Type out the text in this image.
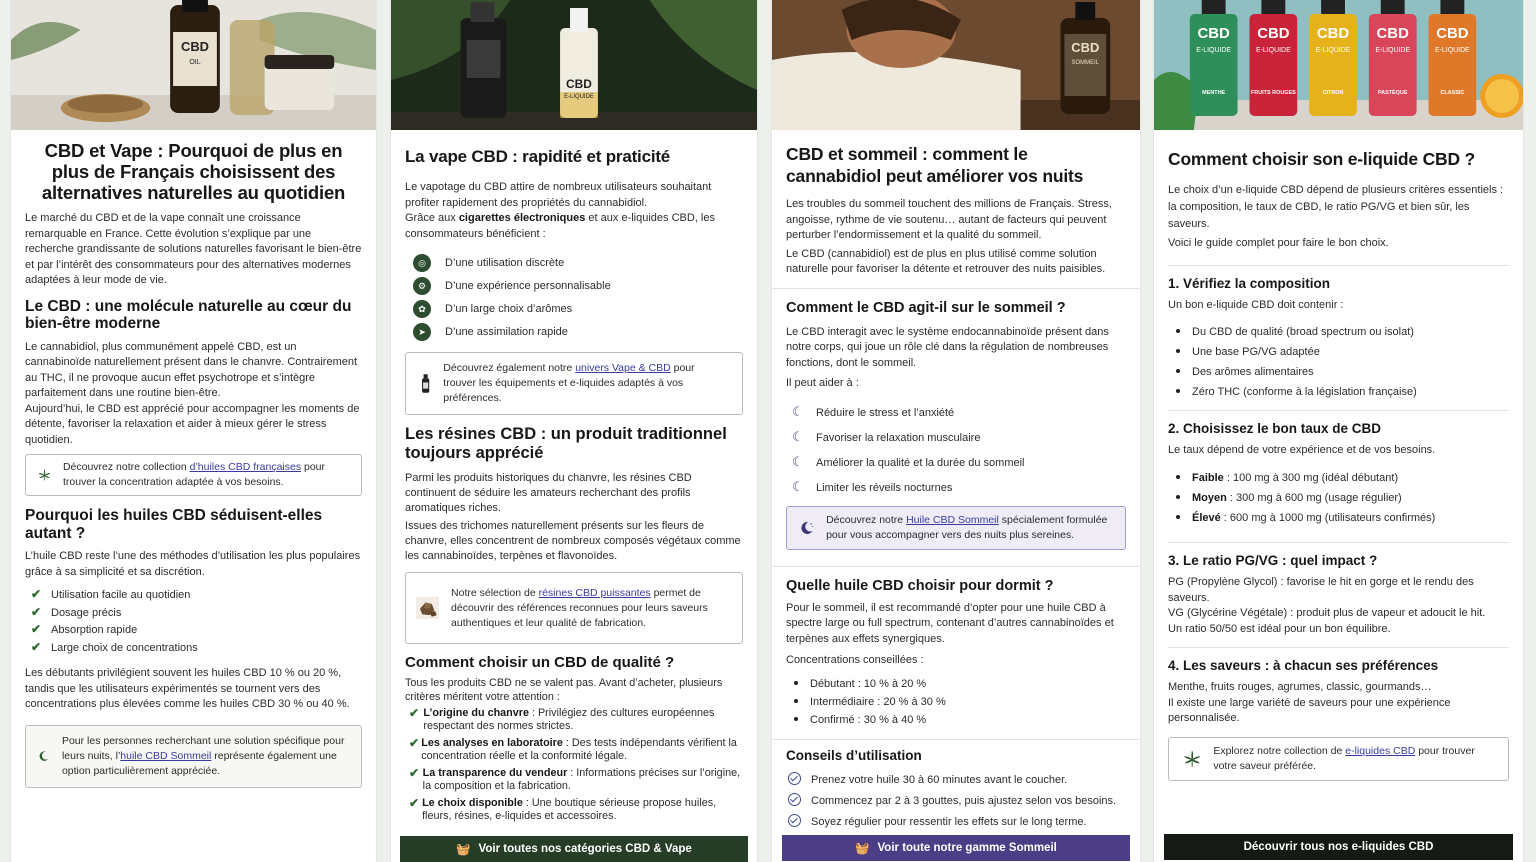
CBD
OIL
CBD et Vape : Pourquoi de plus en plus de Français choisissent des alternatives naturelles au quotidien

Le marché du CBD et de la vape connaît une croissance remarquable en France. Cette évolution s’explique par une recherche grandissante de solutions naturelles favorisant le bien-être et par l’intérêt des consommateurs pour des alternatives modernes adaptées à leur mode de vie.

Le CBD : une molécule naturelle au cœur du bien-être moderne

Le cannabidiol, plus communément appelé CBD, est un cannabinoïde naturellement présent dans le chanvre. Contrairement au THC, il ne provoque aucun effet psychotrope et s’intègre parfaitement dans une routine bien-être.

Aujourd’hui, le CBD est apprécié pour accompagner les moments de détente, favoriser la relaxation et aider à mieux gérer le stress quotidien.

Découvrez notre collection d’huiles CBD françaises pour trouver la concentration adaptée à vos besoins.
Pourquoi les huiles CBD séduisent-elles autant ?

L’huile CBD reste l’une des méthodes d’utilisation les plus populaires grâce à sa simplicité et sa discrétion.

✔ Utilisation facile au quotidien
✔ Dosage précis
✔ Absorption rapide
✔ Large choix de concentrations

Les débutants privilégient souvent les huiles CBD 10 % ou 20 %, tandis que les utilisateurs expérimentés se tournent vers des concentrations plus élevées comme les huiles CBD 30 % ou 40 %.

Pour les personnes recherchant une solution spécifique pour leurs nuits, l’huile CBD Sommeil représente également une option particulièrement appréciée.
CBD
E-LIQUIDE
La vape CBD : rapidité et praticité

Le vapotage du CBD attire de nombreux utilisateurs souhaitant profiter rapidement des propriétés du cannabidiol.

Grâce aux cigarettes électroniques et aux e-liquides CBD, les consommateurs bénéficient :

◎ D’une utilisation discrète
⚙ D’une expérience personnalisable
✿ D’un large choix d’arômes
➤ D’une assimilation rapide
Découvrez également notre univers Vape & CBD pour trouver les équipements et e-liquides adaptés à vos préférences.
Les résines CBD : un produit traditionnel toujours apprécié

Parmi les produits historiques du chanvre, les résines CBD continuent de séduire les amateurs recherchant des profils aromatiques riches.

Issues des trichomes naturellement présents sur les fleurs de chanvre, elles concentrent de nombreux composés végétaux comme les cannabinoïdes, terpènes et flavonoïdes.

Notre sélection de résines CBD puissantes permet de découvrir des références reconnues pour leurs saveurs authentiques et leur qualité de fabrication.
Comment choisir un CBD de qualité ?

Tous les produits CBD ne se valent pas. Avant d’acheter, plusieurs critères méritent votre attention :

✔ L’origine du chanvre : Privilégiez des cultures européennes respectant des normes strictes.
✔ Les analyses en laboratoire : Des tests indépendants vérifient la concentration réelle et la conformité légale.
✔ La transparence du vendeur : Informations précises sur l’origine, la composition et la fabrication.
✔ Le choix disponible : Une boutique sérieuse propose huiles, fleurs, résines, e-liquides et accessoires.
🧺 Voir toutes nos catégories CBD & Vape
CBD
SOMMEIL
CBD et sommeil : comment le cannabidiol peut améliorer vos nuits

Les troubles du sommeil touchent des millions de Français. Stress, angoisse, rythme de vie soutenu… autant de facteurs qui peuvent perturber l’endormissement et la qualité du sommeil.

Le CBD (cannabidiol) est de plus en plus utilisé comme solution naturelle pour favoriser la détente et retrouver des nuits paisibles.

Comment le CBD agit-il sur le sommeil ?

Le CBD interagit avec le système endocannabinoïde présent dans notre corps, qui joue un rôle clé dans la régulation de nombreuses fonctions, dont le sommeil.

Il peut aider à :

☾ Réduire le stress et l’anxiété
☾ Favoriser la relaxation musculaire
☾ Améliorer la qualité et la durée du sommeil
☾ Limiter les réveils nocturnes
Découvrez notre Huile CBD Sommeil spécialement formulée pour vous accompagner vers des nuits plus sereines.
Quelle huile CBD choisir pour dormit ?

Pour le sommeil, il est recommandé d’opter pour une huile CBD à spectre large ou full spectrum, contenant d’autres cannabinoïdes et terpènes aux effets synergiques.

Concentrations conseillées :

Débutant : 10 % à 20 %
Intermédiaire : 20 % à 30 %
Confirmé : 30 % à 40 %
Conseils d’utilisation
Prenez votre huile 30 à 60 minutes avant le coucher.
Commencez par 2 à 3 gouttes, puis ajustez selon vos besoins.
Soyez régulier pour ressentir les effets sur le long terme.
🧺 Voir toute notre gamme Sommeil
CBD
E-LIQUIDE
MENTHE
CBD
E-LIQUIDE
FRUITS ROUGES
CBD
E-LIQUIDE
CITRON
CBD
E-LIQUIDE
PASTÈQUE
CBD
E-LIQUIDE
CLASSIC
Comment choisir son e-liquide CBD ?

Le choix d’un e-liquide CBD dépend de plusieurs critères essentiels : la composition, le taux de CBD, le ratio PG/VG et bien sûr, les saveurs.

Voici le guide complet pour faire le bon choix.

1. Vérifiez la composition

Un bon e-liquide CBD doit contenir :

Du CBD de qualité (broad spectrum ou isolat)
Une base PG/VG adaptée
Des arômes alimentaires
Zéro THC (conforme à la législation française)
2. Choisissez le bon taux de CBD

Le taux dépend de votre expérience et de vos besoins.

Faible : 100 mg à 300 mg (idéal débutant)
Moyen : 300 mg à 600 mg (usage régulier)
Élevé : 600 mg à 1000 mg (utilisateurs confirmés)
3. Le ratio PG/VG : quel impact ?

PG (Propylène Glycol) : favorise le hit en gorge et le rendu des saveurs.

VG (Glycérine Végétale) : produit plus de vapeur et adoucit le hit.

Un ratio 50/50 est idéal pour un bon équilibre.

4. Les saveurs : à chacun ses préférences

Menthe, fruits rouges, agrumes, classic, gourmands…

Il existe une large variété de saveurs pour une expérience personnalisée.

Explorez notre collection de e-liquides CBD pour trouver votre saveur préférée.
Découvrir tous nos e-liquides CBD
